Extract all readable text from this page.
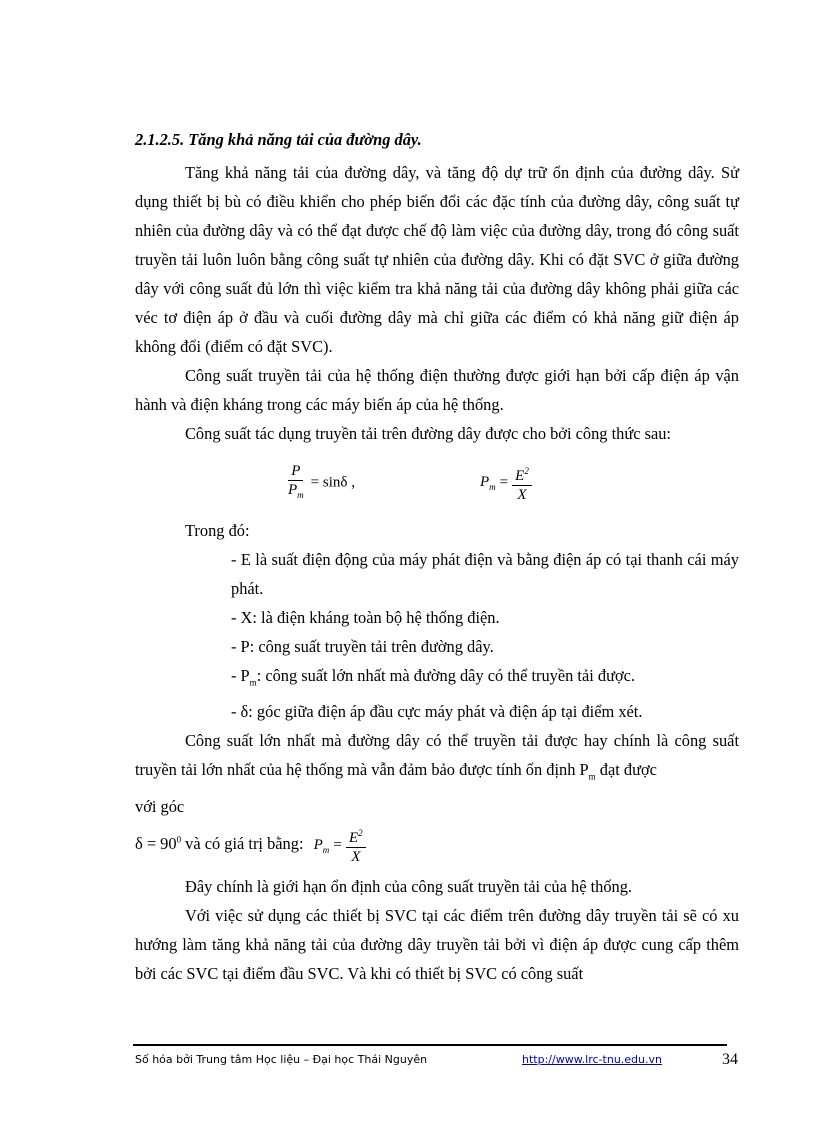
2.1.2.5. Tăng khả năng tải của đường dây.

Tăng khả năng tải của đường dây, và tăng độ dự trữ ổn định của đường dây. Sử dụng thiết bị bù có điều khiển cho phép biến đổi các đặc tính của đường dây, công suất tự nhiên của đường dây và có thể đạt được chế độ làm việc của đường dây, trong đó công suất truyền tải luôn luôn bằng công suất tự nhiên của đường dây. Khi có đặt SVC ở giữa đường dây với công suất đủ lớn thì việc kiểm tra khả năng tải của đường dây không phải giữa các véc tơ điện áp ở đầu và cuối đường dây mà chỉ giữa các điểm có khả năng giữ điện áp không đổi (điểm có đặt SVC).

Công suất truyền tải của hệ thống điện thường được giới hạn bởi cấp điện áp vận hành và điện kháng trong các máy biến áp của hệ thống.

Công suất tác dụng truyền tải trên đường dây được cho bởi công thức sau:

$\frac{P}{P_m} = \sin\delta$ ,	$P_m = \frac{E^2}{X}$

Trong đó:

- E là suất điện động của máy phát điện và bằng điện áp có tại thanh cái máy phát.

- X: là điện kháng toàn bộ hệ thống điện.

- P: công suất truyền tải trên đường dây.

- $P_m$: công suất lớn nhất mà đường dây có thể truyền tải được.

- δ: góc giữa điện áp đầu cực máy phát và điện áp tại điểm xét.

Công suất lớn nhất mà đường dây có thể truyền tải được hay chính là công suất truyền tải lớn nhất của hệ thống mà vẫn đảm bảo được tính ổn định $P_m$ đạt được

với góc

$\delta = 90^0$ và có giá trị bằng: $P_m = \frac{E^2}{X}$

Đây chính là giới hạn ổn định của công suất truyền tải của hệ thống.

Với việc sử dụng các thiết bị SVC tại các điểm trên đường dây truyền tải sẽ có xu hướng làm tăng khả năng tải của đường dây truyền tải bởi vì điện áp được cung cấp thêm bởi các SVC tại điểm đầu SVC. Và khi có thiết bị SVC có công suất

Số hóa bởi Trung tâm Học liệu – Đại học Thái Nguyên	http://www.lrc-tnu.edu.vn	34
